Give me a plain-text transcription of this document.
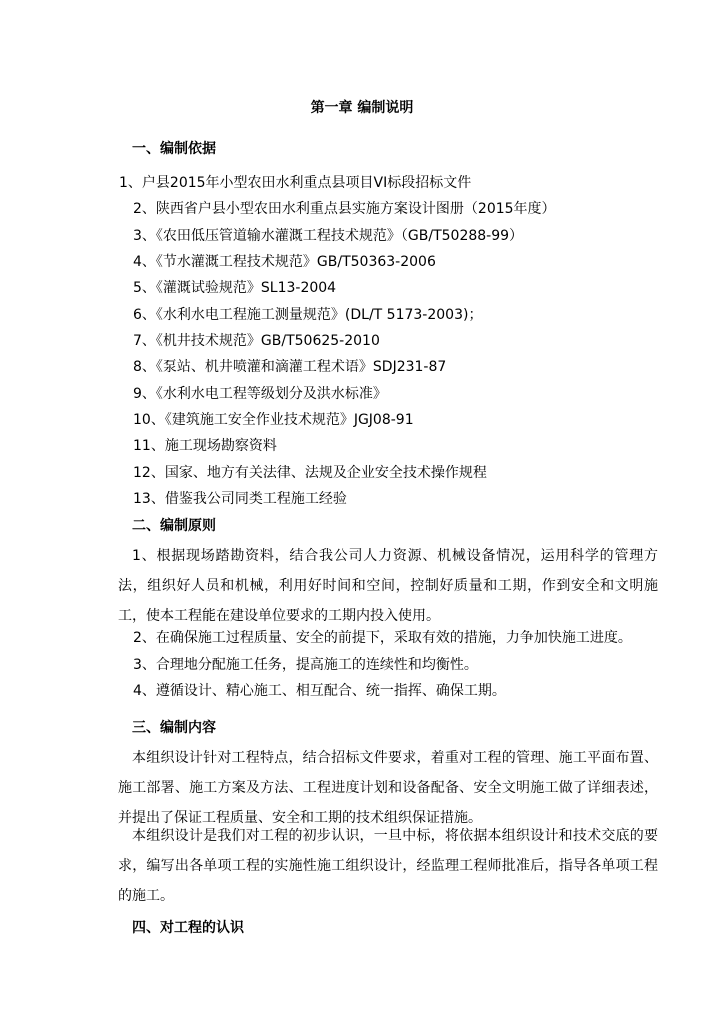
第一章 编制说明
一、编制依据
1、户县2015年小型农田水利重点县项目VI标段招标文件
2、陕西省户县小型农田水利重点县实施方案设计图册（2015年度）
3、《农田低压管道输水灌溉工程技术规范》（GB/T50288-99）
4、《节水灌溉工程技术规范》GB/T50363-2006
5、《灌溉试验规范》SL13-2004
6、《水利水电工程施工测量规范》(DL/T 5173-2003)；
7、《机井技术规范》GB/T50625-2010
8、《泵站、机井喷灌和滴灌工程术语》SDJ231-87
9、《水利水电工程等级划分及洪水标准》
10、《建筑施工安全作业技术规范》JGJ08-91
11、施工现场勘察资料
12、国家、地方有关法律、法规及企业安全技术操作规程
13、借鉴我公司同类工程施工经验
二、编制原则
1、根据现场踏勘资料，结合我公司人力资源、机械设备情况，运用科学的管理方法，组织好人员和机械，利用好时间和空间，控制好质量和工期，作到安全和文明施工，使本工程能在建设单位要求的工期内投入使用。
2、在确保施工过程质量、安全的前提下，采取有效的措施，力争加快施工进度。
3、合理地分配施工任务，提高施工的连续性和均衡性。
4、遵循设计、精心施工、相互配合、统一指挥、确保工期。
三、编制内容
本组织设计针对工程特点，结合招标文件要求，着重对工程的管理、施工平面布置、施工部署、施工方案及方法、工程进度计划和设备配备、安全文明施工做了详细表述，并提出了保证工程质量、安全和工期的技术组织保证措施。
本组织设计是我们对工程的初步认识，一旦中标，将依据本组织设计和技术交底的要求，编写出各单项工程的实施性施工组织设计，经监理工程师批准后，指导各单项工程的施工。
四、对工程的认识
